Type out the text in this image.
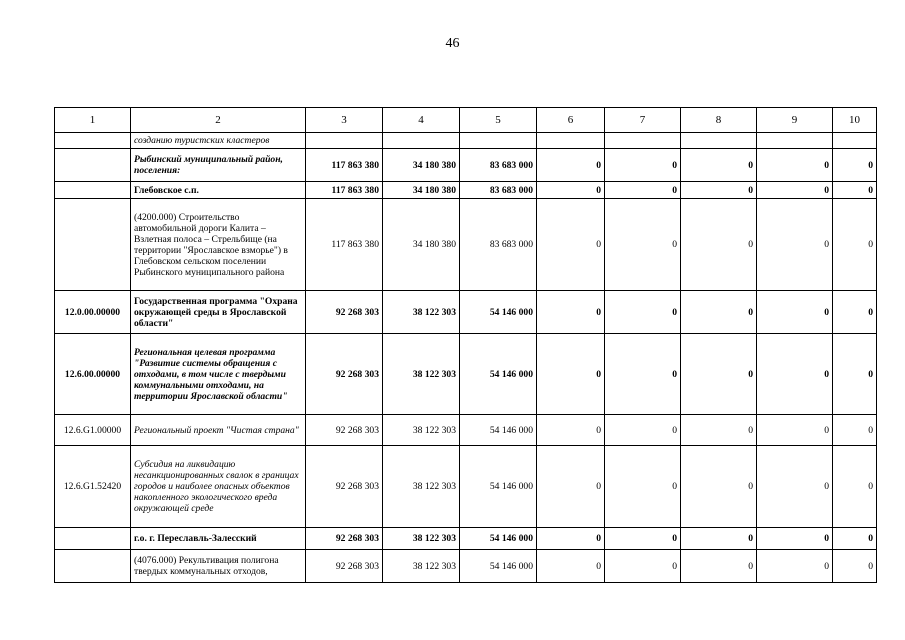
46
1	2	3	4	5	6	7	8	9	10
	созданию туристских кластеров								
	Рыбинский муниципальный район, поселения:	117 863 380	34 180 380	83 683 000	0	0	0	0	0
	Глебовское с.п.	117 863 380	34 180 380	83 683 000	0	0	0	0	0
	(4200.000) Строительство автомобильной дороги Калита – Взлетная полоса – Стрельбище (на территории "Ярославское взморье") в Глебовском сельском поселении Рыбинского муниципального района	117 863 380	34 180 380	83 683 000	0	0	0	0	0
12.0.00.00000	Государственная программа "Охрана окружающей среды в Ярославской области"	92 268 303	38 122 303	54 146 000	0	0	0	0	0
12.6.00.00000	Региональная целевая программа "Развитие системы обращения с отходами, в том числе с твердыми коммунальными отходами, на территории Ярославской области"	92 268 303	38 122 303	54 146 000	0	0	0	0	0
12.6.G1.00000	Региональный проект "Чистая страна"	92 268 303	38 122 303	54 146 000	0	0	0	0	0
12.6.G1.52420	Субсидия на ликвидацию несанкционированных свалок в границах городов и наиболее опасных объектов накопленного экологического вреда окружающей среде	92 268 303	38 122 303	54 146 000	0	0	0	0	0
	г.о. г. Переславль-Залесский	92 268 303	38 122 303	54 146 000	0	0	0	0	0
	(4076.000) Рекультивация полигона твердых коммунальных отходов,	92 268 303	38 122 303	54 146 000	0	0	0	0	0
